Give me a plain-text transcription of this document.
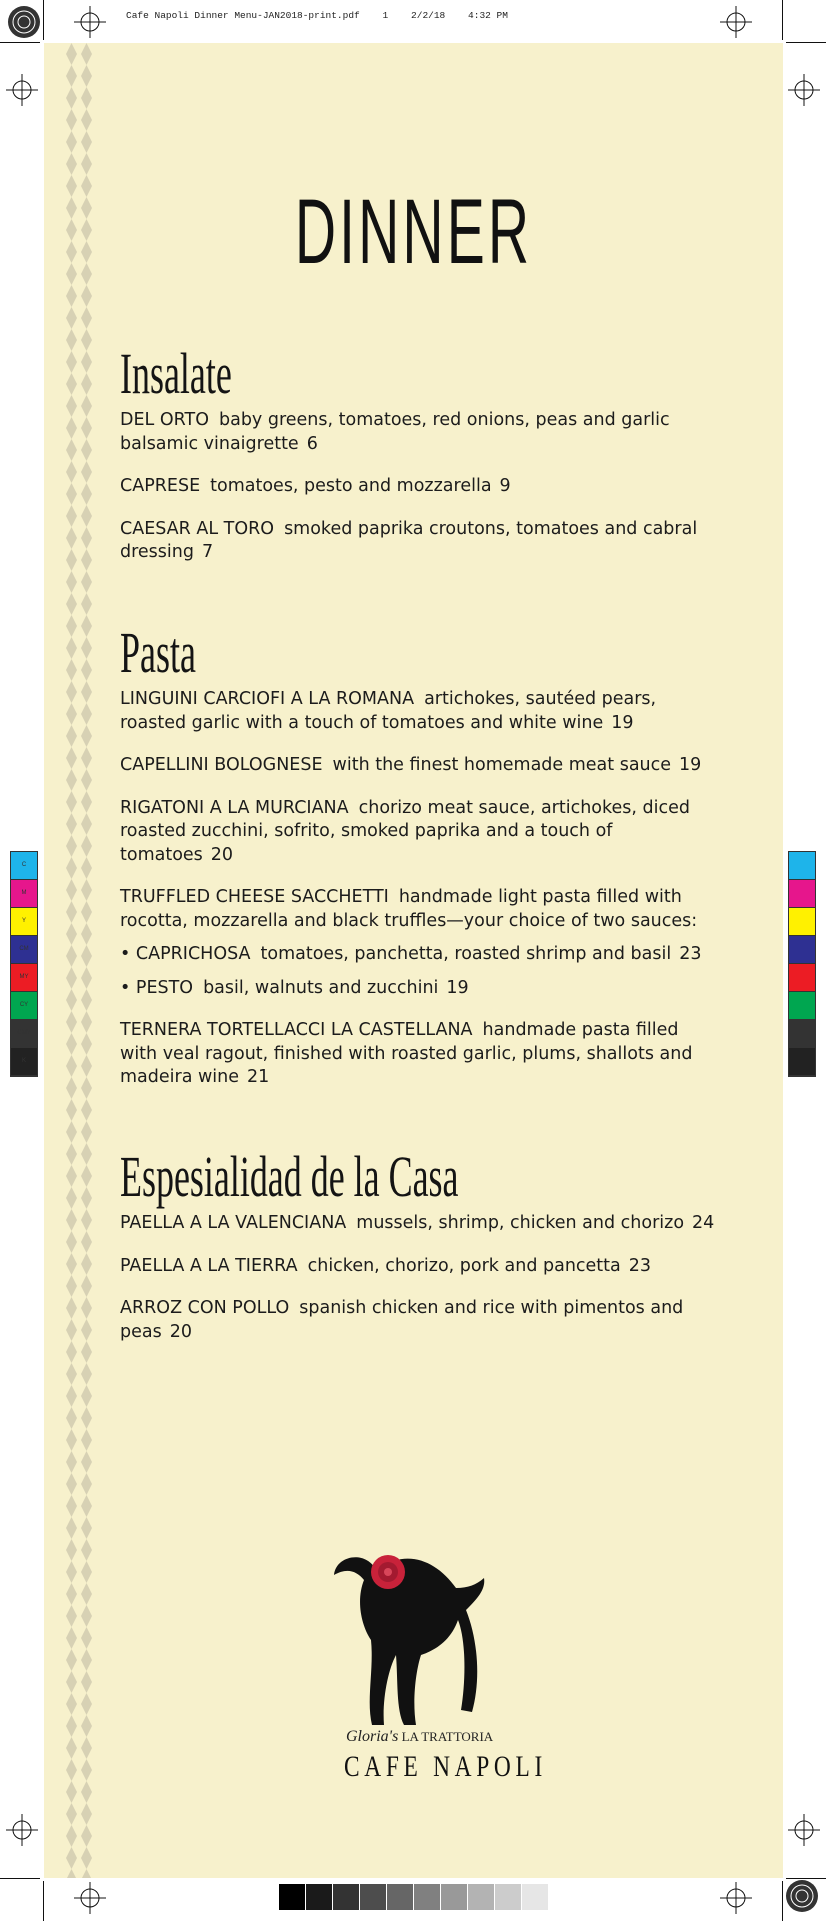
Cafe Napoli Dinner Menu-JAN2018-print.pdf    1    2/2/18    4:32 PM
DINNER
Insalate

DEL ORTO baby greens, tomatoes, red onions, peas and garlic balsamic vinaigrette 6

CAPRESE tomatoes, pesto and mozzarella 9

CAESAR AL TORO smoked paprika croutons, tomatoes and cabral dressing 7

Pasta

LINGUINI CARCIOFI A LA ROMANA artichokes, sautéed pears, roasted garlic with a touch of tomatoes and white wine 19

CAPELLINI BOLOGNESE with the finest homemade meat sauce 19

RIGATONI A LA MURCIANA chorizo meat sauce, artichokes, diced roasted zucchini, sofrito, smoked paprika and a touch of tomatoes 20

TRUFFLED CHEESE SACCHETTI handmade light pasta filled with rocotta, mozzarella and black truffles—your choice of two sauces:

• CAPRICHOSA tomatoes, panchetta, roasted shrimp and basil 23

• PESTO basil, walnuts and zucchini 19

TERNERA TORTELLACCI LA CASTELLANA handmade pasta filled with veal ragout, finished with roasted garlic, plums, shallots and madeira wine 21

Espesialidad de la Casa

PAELLA A LA VALENCIANA mussels, shrimp, chicken and chorizo 24

PAELLA A LA TIERRA chicken, chorizo, pork and pancetta 23

ARROZ CON POLLO spanish chicken and rice with pimentos and peas 20

Gloria's LA TRATTORIA
CAFE NAPOLI
C
M
Y
CM
MY
CY
CMY
K
